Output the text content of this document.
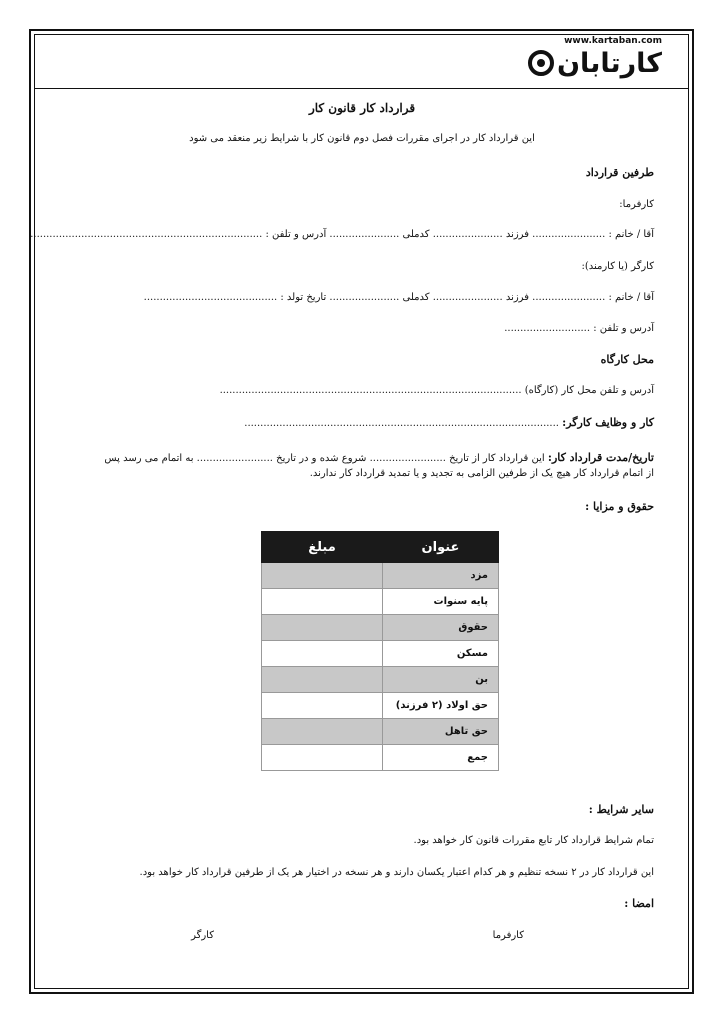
www.kartaban.com
کارتابان
قرارداد کار قانون کار
این قرارداد کار در اجرای مقررات فصل دوم قانون کار با شرایط زیر منعقد می شود
طرفین قرارداد
کارفرما:
آقا / خانم : ....................... فرزند ...................... کدملی ...................... آدرس و تلفن : .........................................................................
کارگر (یا کارمند):
آقا / خانم : ....................... فرزند ...................... کدملی ...................... تاریخ تولد : ..........................................
آدرس و تلفن : ...........................
محل کارگاه
آدرس و تلفن محل کار (کارگاه) ...............................................................................................
کار و وظایف کارگر: ...................................................................................................
تاریخ/مدت قرارداد کار: این قرارداد کار از تاریخ ........................ شروع شده و در تاریخ ........................ به اتمام می رسد پس
از اتمام قرارداد کار هیچ یک از طرفین الزامی به تجدید و یا تمدید قرارداد کار ندارند.
حقوق و مزایا :
عنوان	مبلغ
مزد	
پایه سنوات	
حقوق	
مسکن	
بن	
حق اولاد (۲ فرزند)	
حق تاهل	
جمع	
سایر شرایط :
تمام شرایط قرارداد کار تابع مقررات قانون کار خواهد بود.
این قرارداد کار در ۲ نسخه تنظیم و هر کدام اعتبار یکسان دارند و هر نسخه در اختیار هر یک از طرفین قرارداد کار خواهد بود.
امضا :
کارفرما
کارگر
